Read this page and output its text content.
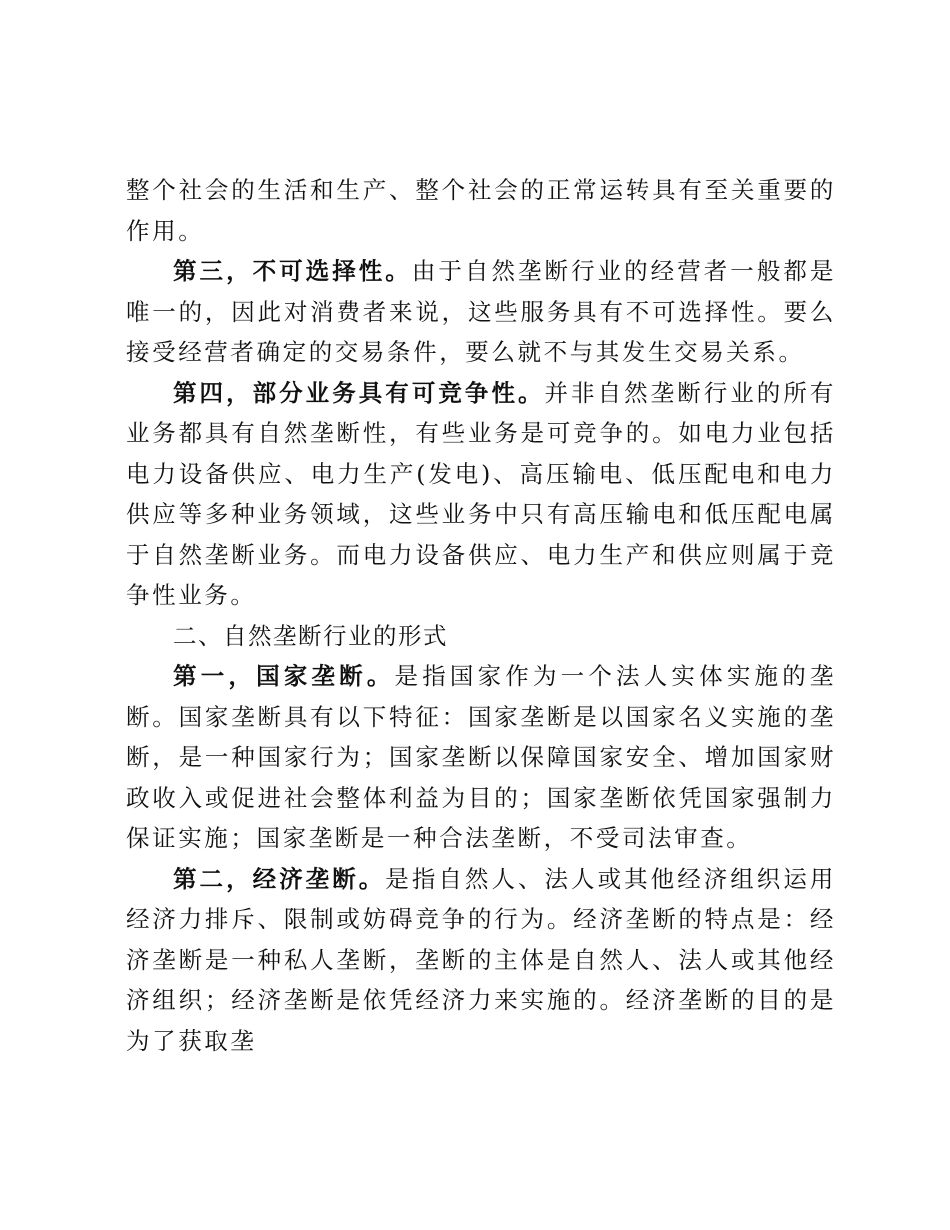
整个社会的生活和生产、整个社会的正常运转具有至关重要的作用。

第三，不可选择性。由于自然垄断行业的经营者一般都是唯一的，因此对消费者来说，这些服务具有不可选择性。要么接受经营者确定的交易条件，要么就不与其发生交易关系。

第四，部分业务具有可竞争性。并非自然垄断行业的所有业务都具有自然垄断性，有些业务是可竞争的。如电力业包括电力设备供应、电力生产(发电)、高压输电、低压配电和电力供应等多种业务领域，这些业务中只有高压输电和低压配电属于自然垄断业务。而电力设备供应、电力生产和供应则属于竞争性业务。

二、自然垄断行业的形式

第一，国家垄断。是指国家作为一个法人实体实施的垄断。国家垄断具有以下特征：国家垄断是以国家名义实施的垄断，是一种国家行为；国家垄断以保障国家安全、增加国家财政收入或促进社会整体利益为目的；国家垄断依凭国家强制力保证实施；国家垄断是一种合法垄断，不受司法审查。

第二，经济垄断。是指自然人、法人或其他经济组织运用经济力排斥、限制或妨碍竞争的行为。经济垄断的特点是：经济垄断是一种私人垄断，垄断的主体是自然人、法人或其他经济组织；经济垄断是依凭经济力来实施的。经济垄断的目的是为了获取垄
